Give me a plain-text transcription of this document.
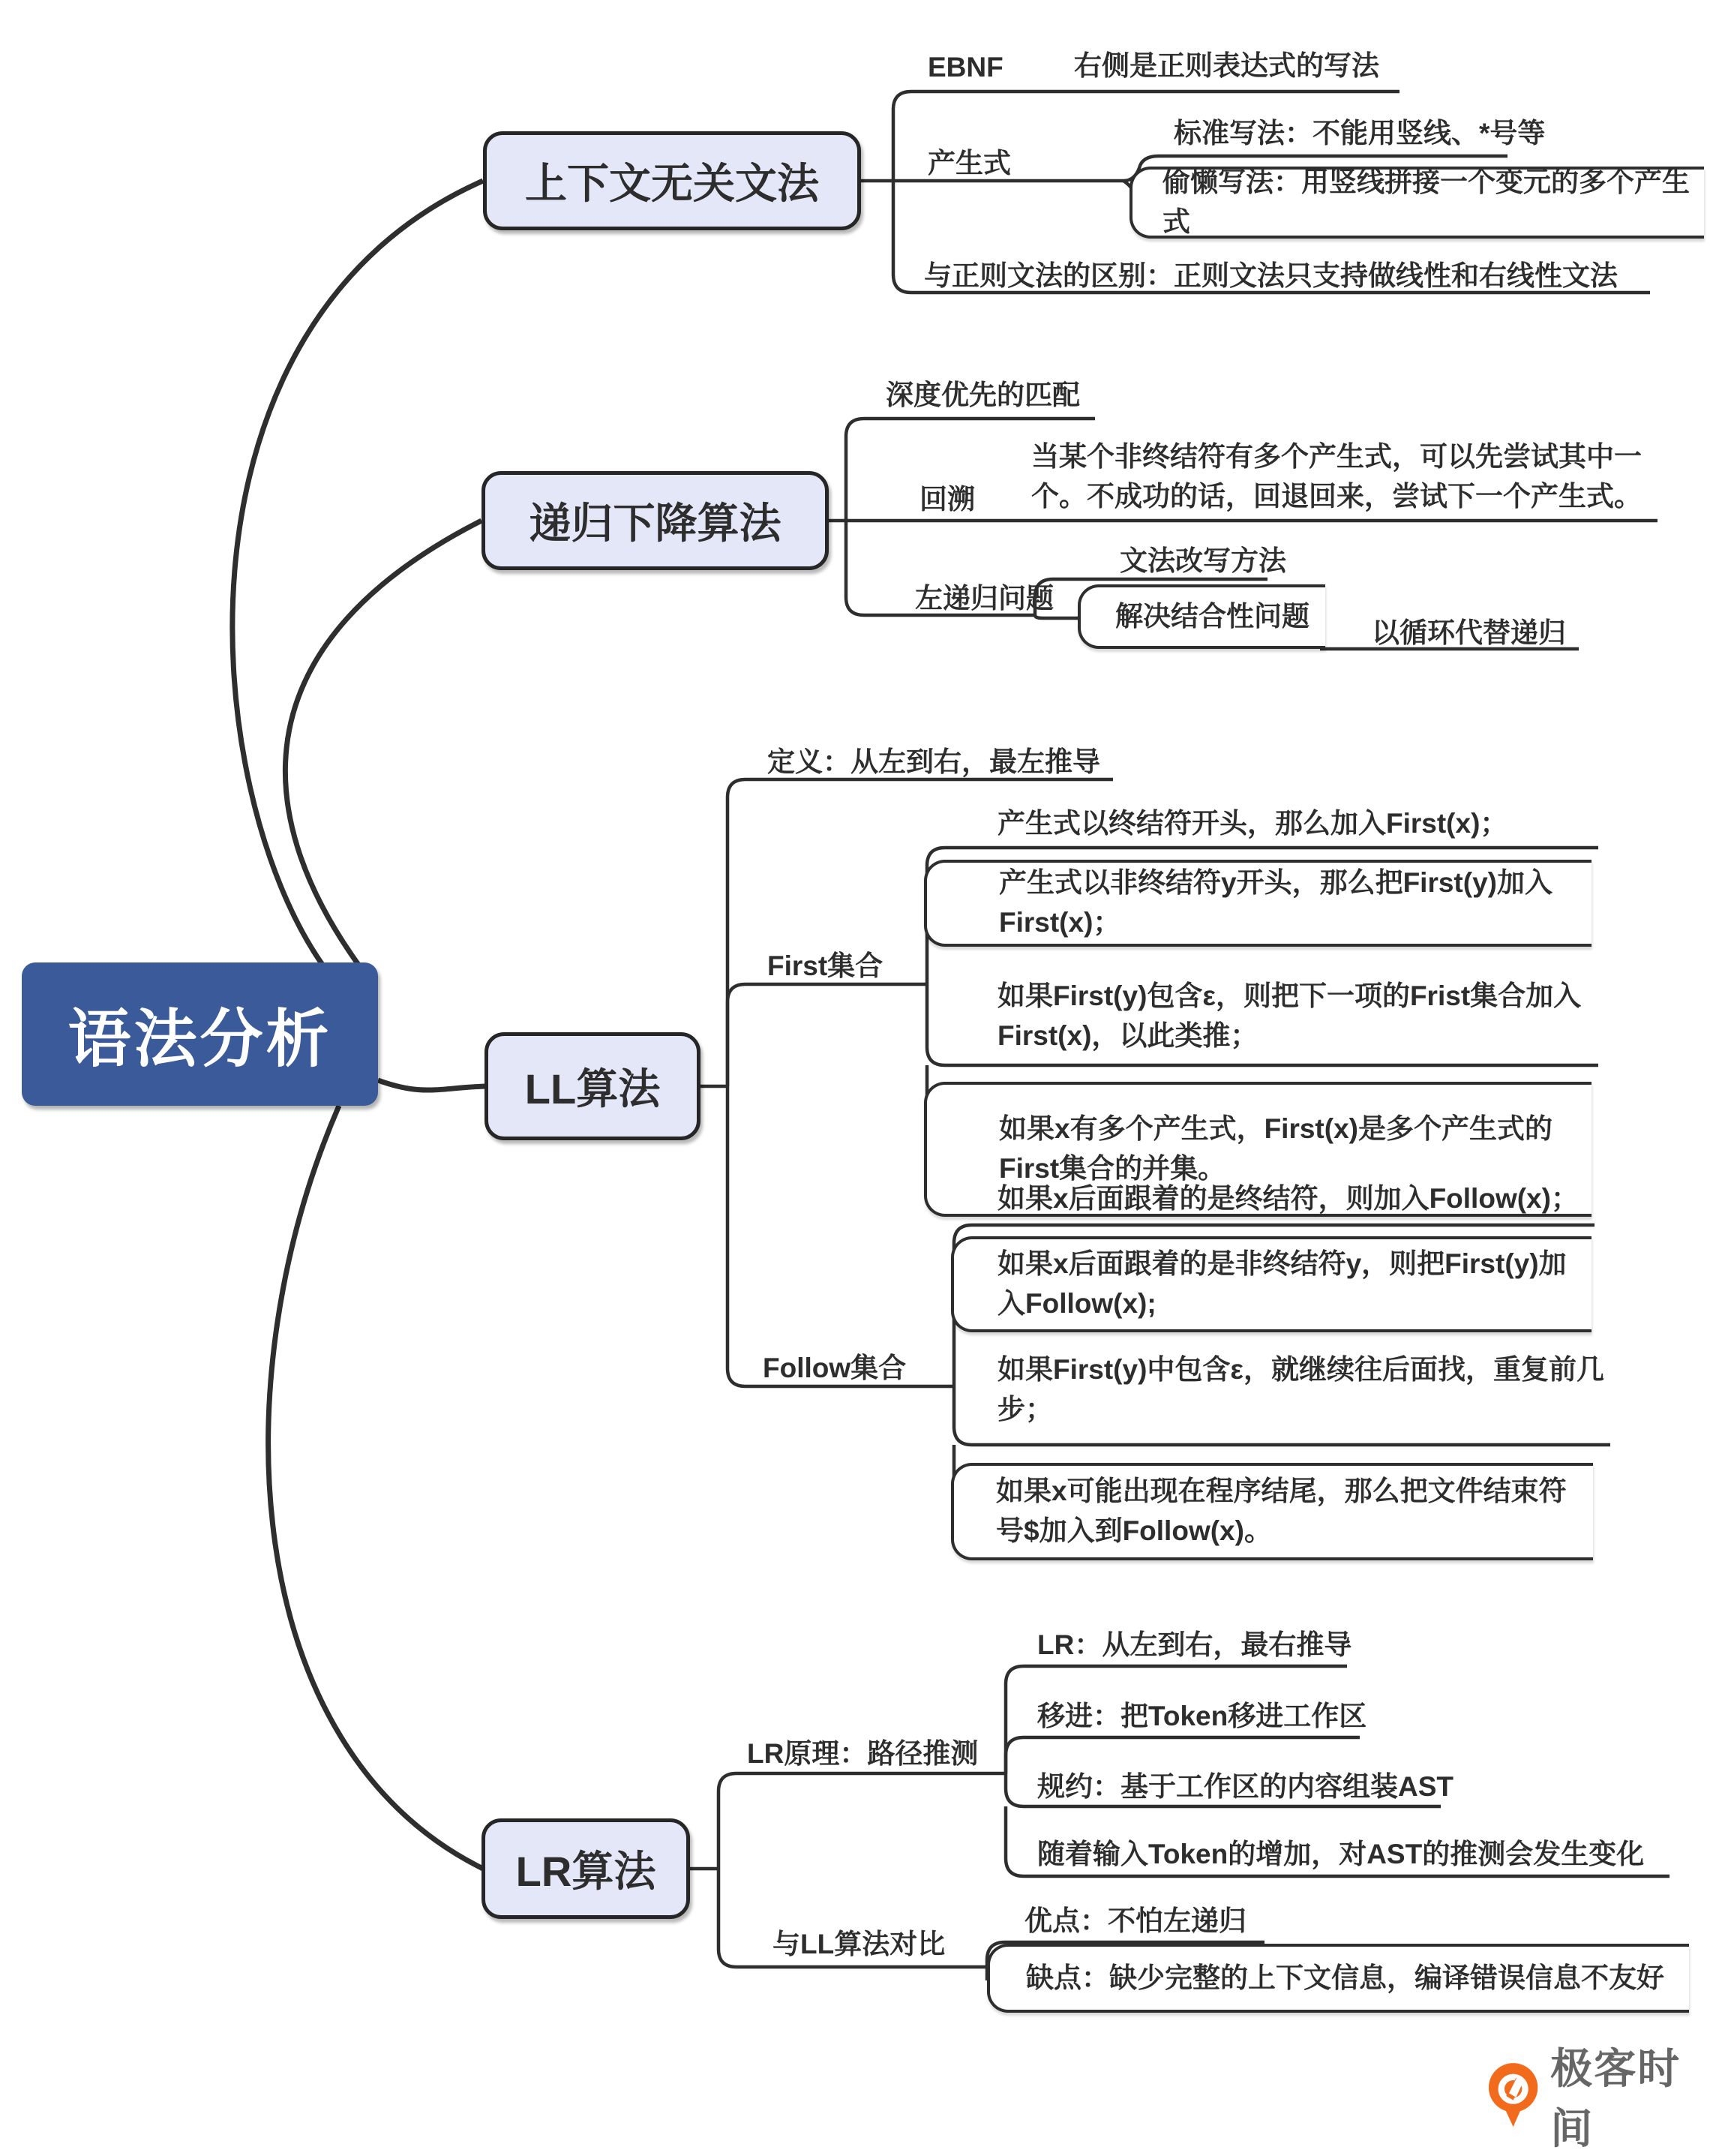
语法分析
上下文无关文法
递归下降算法
LL算法
LR算法
EBNF	右侧是正则表达式的写法
产生式
标准写法：不能用竖线、*号等
偷懒写法：用竖线拼接一个变元的多个产生式
与正则文法的区别：正则文法只支持做线性和右线性文法
深度优先的匹配
回溯
当某个非终结符有多个产生式，可以先尝试其中一个。不成功的话，回退回来，尝试下一个产生式。
左递归问题
文法改写方法
解决结合性问题
以循环代替递归
定义：从左到右，最左推导
First集合
产生式以终结符开头，那么加入First(x)；
产生式以非终结符y开头，那么把First(y)加入First(x)；
如果First(y)包含ε，则把下一项的Frist集合加入First(x)，以此类推；
如果x有多个产生式，First(x)是多个产生式的First集合的并集。
Follow集合
如果x后面跟着的是终结符，则加入Follow(x)；
如果x后面跟着的是非终结符y，则把First(y)加入Follow(x);
如果First(y)中包含ε，就继续往后面找，重复前几步；
如果x可能出现在程序结尾，那么把文件结束符号$加入到Follow(x)。
LR原理：路径推测
LR：从左到右，最右推导
移进：把Token移进工作区
规约：基于工作区的内容组装AST
随着输入Token的增加，对AST的推测会发生变化
与LL算法对比
优点：不怕左递归
缺点：缺少完整的上下文信息，编译错误信息不友好
极客时间
